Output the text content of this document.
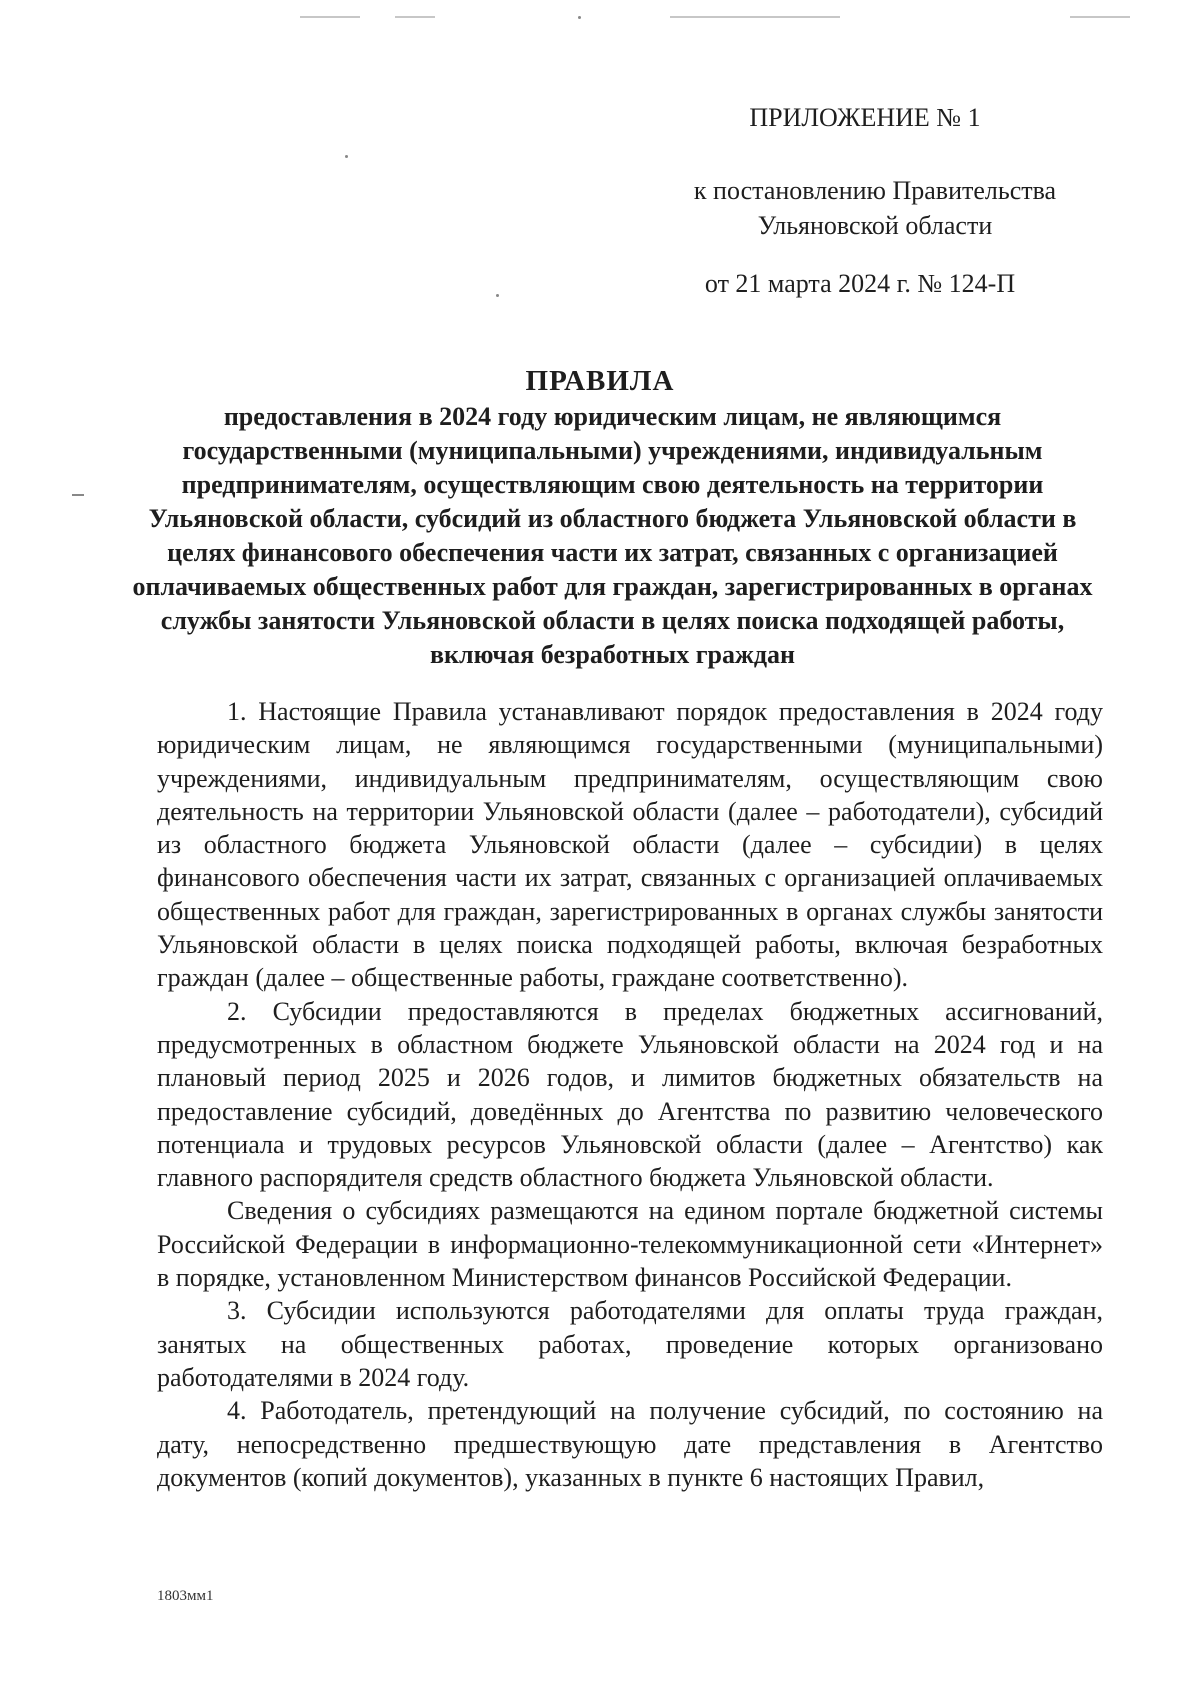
ПРИЛОЖЕНИЕ № 1
к постановлению Правительства Ульяновской области
от 21 марта 2024 г. № 124-П
ПРАВИЛА
предоставления в 2024 году юридическим лицам, не являющимся государственными (муниципальными) учреждениями, индивидуальным предпринимателям, осуществляющим свою деятельность на территории Ульяновской области, субсидий из областного бюджета Ульяновской области в целях финансового обеспечения части их затрат, связанных с организацией оплачиваемых общественных работ для граждан, зарегистрированных в органах службы занятости Ульяновской области в целях поиска подходящей работы, включая безработных граждан

1. Настоящие Правила устанавливают порядок предоставления в 2024 году юридическим лицам, не являющимся государственными (муниципальными) учреждениями, индивидуальным предпринимателям, осуществляющим свою деятельность на территории Ульяновской области (далее – работодатели), субсидий из областного бюджета Ульяновской области (далее – субсидии) в целях финансового обеспечения части их затрат, связанных с организацией оплачиваемых общественных работ для граждан, зарегистрированных в органах службы занятости Ульяновской области в целях поиска подходящей работы, включая безработных граждан (далее – общественные работы, граждане соответственно).

2. Субсидии предоставляются в пределах бюджетных ассигнований, предусмотренных в областном бюджете Ульяновской области на 2024 год и на плановый период 2025 и 2026 годов, и лимитов бюджетных обязательств на предоставление субсидий, доведённых до Агентства по развитию человеческого потенциала и трудовых ресурсов Ульяновской области (далее – Агентство) как главного распорядителя средств областного бюджета Ульяновской области.

Сведения о субсидиях размещаются на едином портале бюджетной системы Российской Федерации в информационно-телекоммуникационной сети «Интернет» в порядке, установленном Министерством финансов Российской Федерации.

3. Субсидии используются работодателями для оплаты труда граждан, занятых на общественных работах, проведение которых организовано работодателями в 2024 году.

4. Работодатель, претендующий на получение субсидий, по состоянию на дату, непосредственно предшествующую дате представления в Агентство документов (копий документов), указанных в пункте 6 настоящих Правил,

1803мм1
